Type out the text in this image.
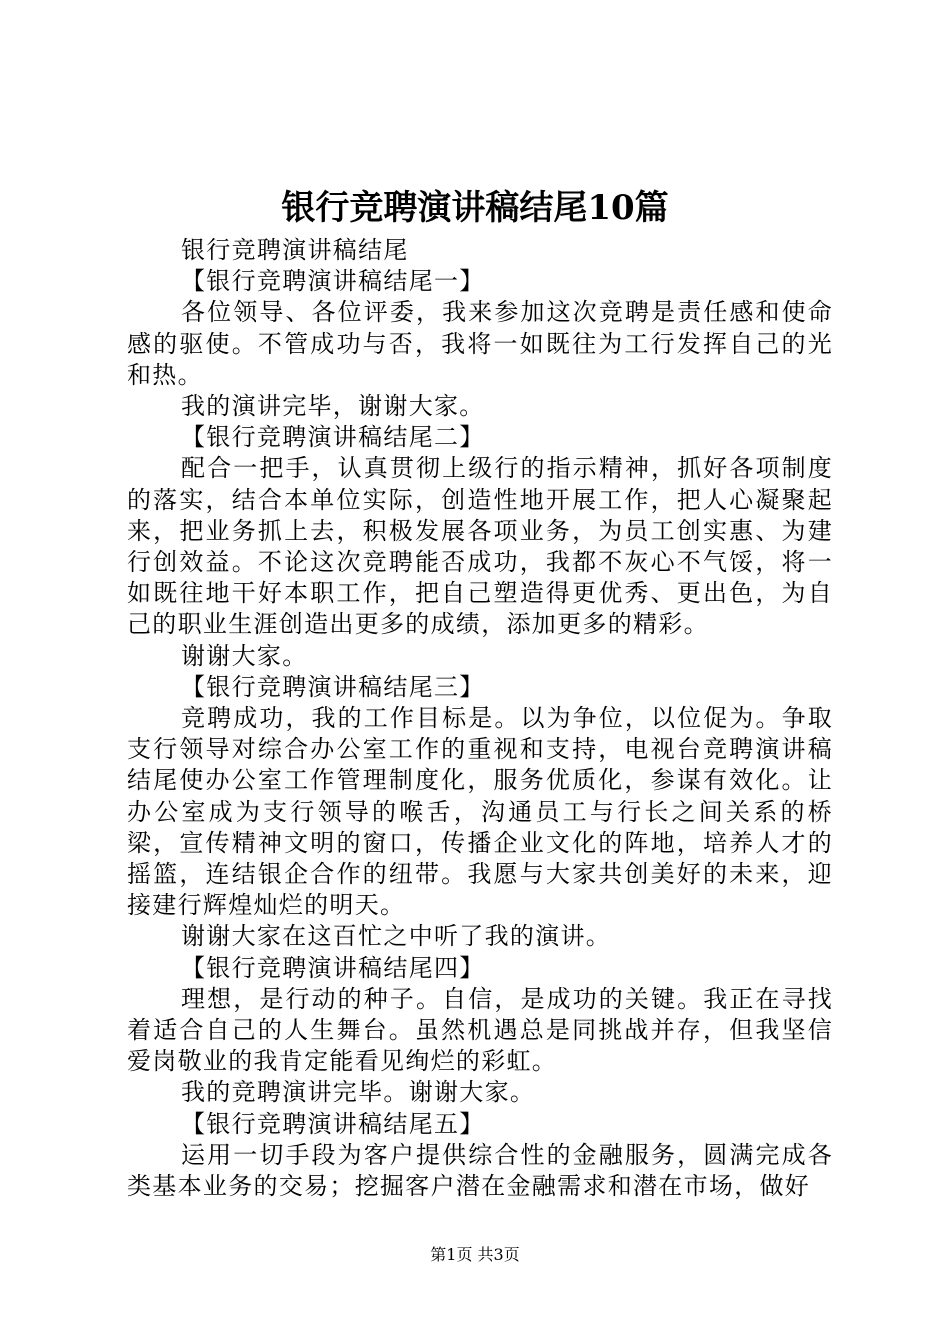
银行竞聘演讲稿结尾10篇

银行竞聘演讲稿结尾

【银行竞聘演讲稿结尾一】

各位领导、各位评委，我来参加这次竞聘是责任感和使命感的驱使。不管成功与否，我将一如既往为工行发挥自己的光和热。

我的演讲完毕，谢谢大家。

【银行竞聘演讲稿结尾二】

配合一把手，认真贯彻上级行的指示精神，抓好各项制度的落实，结合本单位实际，创造性地开展工作，把人心凝聚起来，把业务抓上去，积极发展各项业务，为员工创实惠、为建行创效益。不论这次竞聘能否成功，我都不灰心不气馁，将一如既往地干好本职工作，把自己塑造得更优秀、更出色，为自己的职业生涯创造出更多的成绩，添加更多的精彩。

谢谢大家。

【银行竞聘演讲稿结尾三】

竞聘成功，我的工作目标是。以为争位，以位促为。争取支行领导对综合办公室工作的重视和支持，电视台竞聘演讲稿结尾使办公室工作管理制度化，服务优质化，参谋有效化。让办公室成为支行领导的喉舌，沟通员工与行长之间关系的桥梁，宣传精神文明的窗口，传播企业文化的阵地，培养人才的摇篮，连结银企合作的纽带。我愿与大家共创美好的未来，迎接建行辉煌灿烂的明天。

谢谢大家在这百忙之中听了我的演讲。

【银行竞聘演讲稿结尾四】

理想，是行动的种子。自信，是成功的关键。我正在寻找着适合自己的人生舞台。虽然机遇总是同挑战并存，但我坚信爱岗敬业的我肯定能看见绚烂的彩虹。

我的竞聘演讲完毕。谢谢大家。

【银行竞聘演讲稿结尾五】

运用一切手段为客户提供综合性的金融服务，圆满完成各类基本业务的交易；挖掘客户潜在金融需求和潜在市场，做好

第1页 共3页
